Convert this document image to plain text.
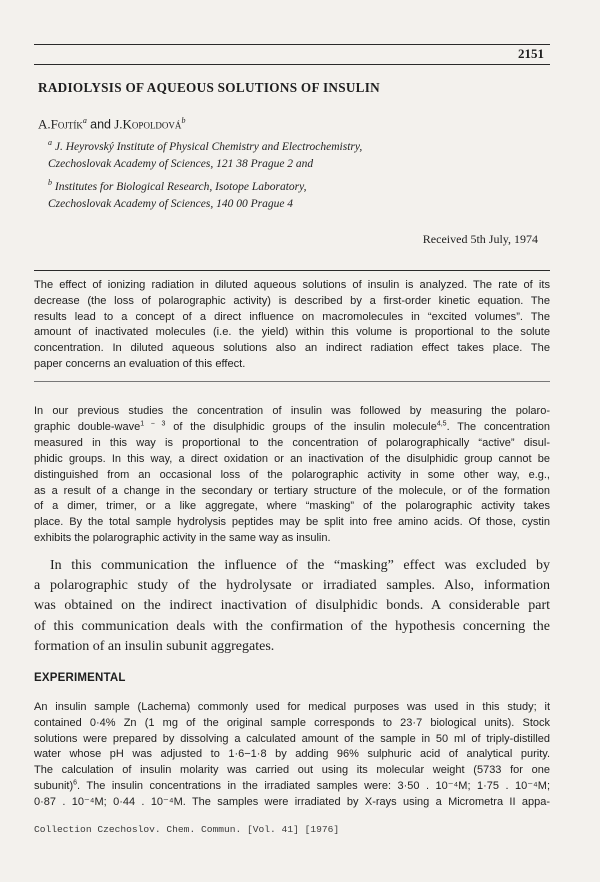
2151
RADIOLYSIS OF AQUEOUS SOLUTIONS OF INSULIN
A.Fojtík$^a$ and J.Kopoldová$^b$
$^a$ J. Heyrovský Institute of Physical Chemistry and Electrochemistry,
Czechoslovak Academy of Sciences, 121 38 Prague 2 and
$^b$ Institutes for Biological Research, Isotope Laboratory,
Czechoslovak Academy of Sciences, 140 00 Prague 4
Received 5th July, 1974
The effect of ionizing radiation in diluted aqueous solutions of insulin is analyzed. The rate of its
decrease (the loss of polarographic activity) is described by a first-order kinetic equation. The
results lead to a concept of a direct influence on macromolecules in “excited volumes”. The
amount of inactivated molecules (i.e. the yield) within this volume is proportional to the solute
concentration. In diluted aqueous solutions also an indirect radiation effect takes place. The
paper concerns an evaluation of this effect.
In our previous studies the concentration of insulin was followed by measuring the polaro-
graphic double-wave$^{1 - 3}$ of the disulphidic groups of the insulin molecule$^{4,5}$. The concentration
measured in this way is proportional to the concentration of polarographically “active” disul-
phidic groups. In this way, a direct oxidation or an inactivation of the disulphidic group cannot be
distinguished from an occasional loss of the polarographic activity in some other way, e.g.,
as a result of a change in the secondary or tertiary structure of the molecule, or of the formation
of a dimer, trimer, or a like aggregate, where “masking” of the polarographic activity takes
place. By the total sample hydrolysis peptides may be split into free amino acids. Of those, cystin
exhibits the polarographic activity in the same way as insulin.
In this communication the influence of the “masking” effect was excluded by
a polarographic study of the hydrolysate or irradiated samples. Also, information
was obtained on the indirect inactivation of disulphidic bonds. A considerable part
of this communication deals with the confirmation of the hypothesis concerning the
formation of an insulin subunit aggregates.
EXPERIMENTAL
An insulin sample (Lachema) commonly used for medical purposes was used in this study; it
contained 0·4% Zn (1 mg of the original sample corresponds to 23·7 biological units). Stock
solutions were prepared by dissolving a calculated amount of the sample in 50 ml of triply-distilled
water whose pH was adjusted to 1·6−1·8 by adding 96% sulphuric acid of analytical purity.
The calculation of insulin molarity was carried out using its molecular weight (5733 for one
subunit)$^6$. The insulin concentrations in the irradiated samples were: 3·50 . 10⁻⁴M; 1·75 . 10⁻⁴M;
0·87 . 10⁻⁴M; 0·44 . 10⁻⁴M. The samples were irradiated by X-rays using a Micrometra II appa-
Collection Czechoslov. Chem. Commun. [Vol. 41] [1976]
